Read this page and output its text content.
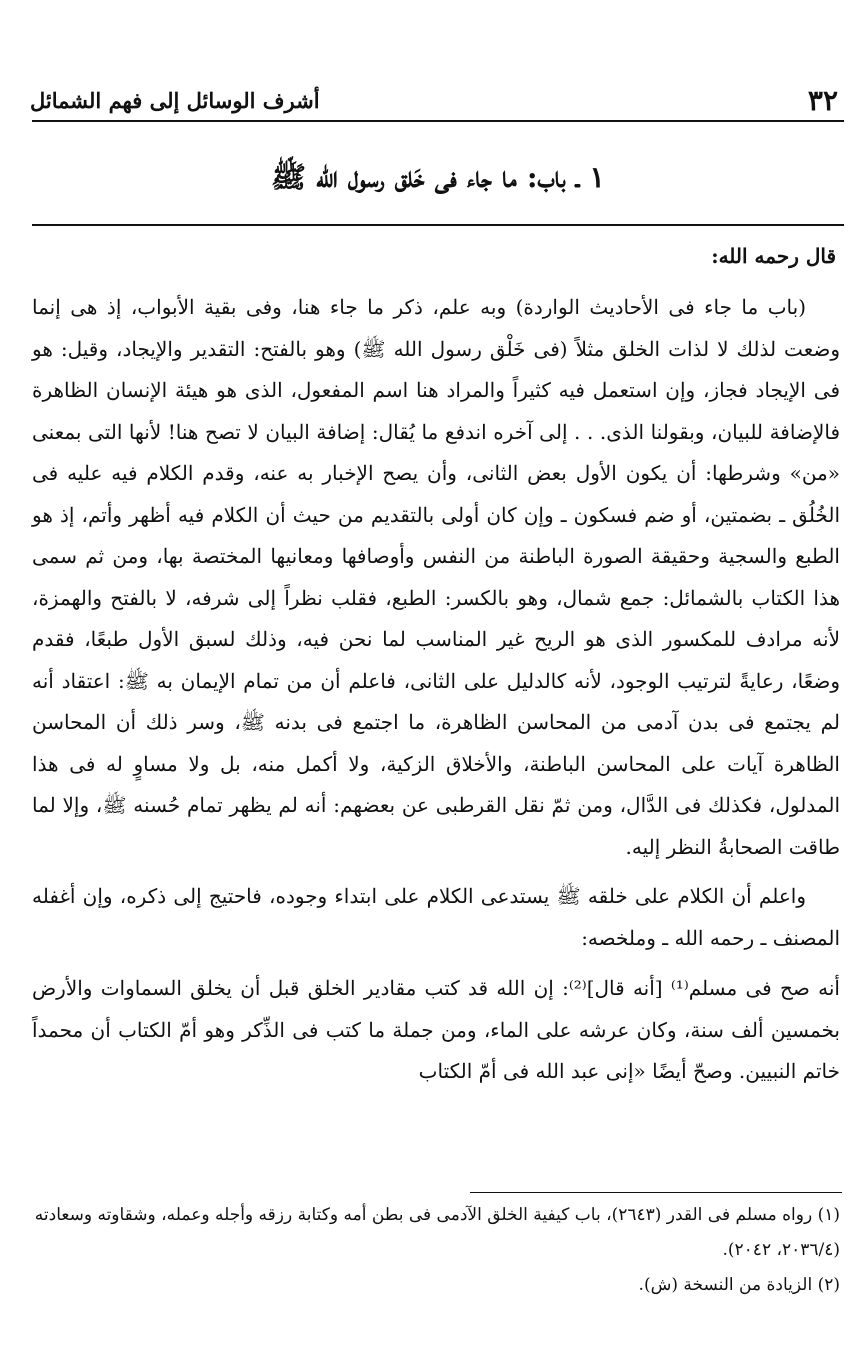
٣٢
أشرف الوسائل إلى فهم الشمائل
١ ـ باب: ما جاء فى خَلق رسول الله ﷺ
قال رحمه الله:

(باب ما جاء فى الأحاديث الواردة) وبه علم، ذكر ما جاء هنا، وفى بقية الأبواب، إذ هى إنما وضعت لذلك لا لذات الخلق مثلاً (فى خَلْق رسول الله ﷺ) وهو بالفتح: التقدير والإيجاد، وقيل: هو فى الإيجاد فجاز، وإن استعمل فيه كثيراً والمراد هنا اسم المفعول، الذى هو هيئة الإنسان الظاهرة فالإضافة للبيان، وبقولنا الذى. . . إلى آخره اندفع ما يُقال: إضافة البيان لا تصح هنا! لأنها التى بمعنى «من» وشرطها: أن يكون الأول بعض الثانى، وأن يصح الإخبار به عنه، وقدم الكلام فيه عليه فى الخُلُق ـ بضمتين، أو ضم فسكون ـ وإن كان أولى بالتقديم من حيث أن الكلام فيه أظهر وأتم، إذ هو الطبع والسجية وحقيقة الصورة الباطنة من النفس وأوصافها ومعانيها المختصة بها، ومن ثم سمى هذا الكتاب بالشمائل: جمع شمال، وهو بالكسر: الطبع، فقلب نظراً إلى شرفه، لا بالفتح والهمزة، لأنه مرادف للمكسور الذى هو الريح غير المناسب لما نحن فيه، وذلك لسبق الأول طبعًا، فقدم وضعًا، رعايةً لترتيب الوجود، لأنه كالدليل على الثانى، فاعلم أن من تمام الإيمان به ﷺ: اعتقاد أنه لم يجتمع فى بدن آدمى من المحاسن الظاهرة، ما اجتمع فى بدنه ﷺ، وسر ذلك أن المحاسن الظاهرة آيات على المحاسن الباطنة، والأخلاق الزكية، ولا أكمل منه، بل ولا مساوٍ له فى هذا المدلول، فكذلك فى الدَّال، ومن ثمّ نقل القرطبى عن بعضهم: أنه لم يظهر تمام حُسنه ﷺ، وإلا لما طاقت الصحابةُ النظر إليه.

واعلم أن الكلام على خلقه ﷺ يستدعى الكلام على ابتداء وجوده، فاحتيج إلى ذكره، وإن أغفله المصنف ـ رحمه الله ـ وملخصه:

أنه صح فى مسلم⁽¹⁾ [أنه قال]⁽²⁾: إن الله قد كتب مقادير الخلق قبل أن يخلق السماوات والأرض بخمسين ألف سنة، وكان عرشه على الماء، ومن جملة ما كتب فى الذِّكر وهو أمّ الكتاب أن محمداً خاتم النبيين. وصحّ أيضًا «إنى عبد الله فى أمّ الكتاب

(١) رواه مسلم فى القدر (٢٦٤٣)، باب كيفية الخلق الآدمى فى بطن أمه وكتابة رزقه وأجله وعمله، وشقاوته وسعادته (٢٠٣٦/٤، ٢٠٤٢).

(٢) الزيادة من النسخة (ش).
